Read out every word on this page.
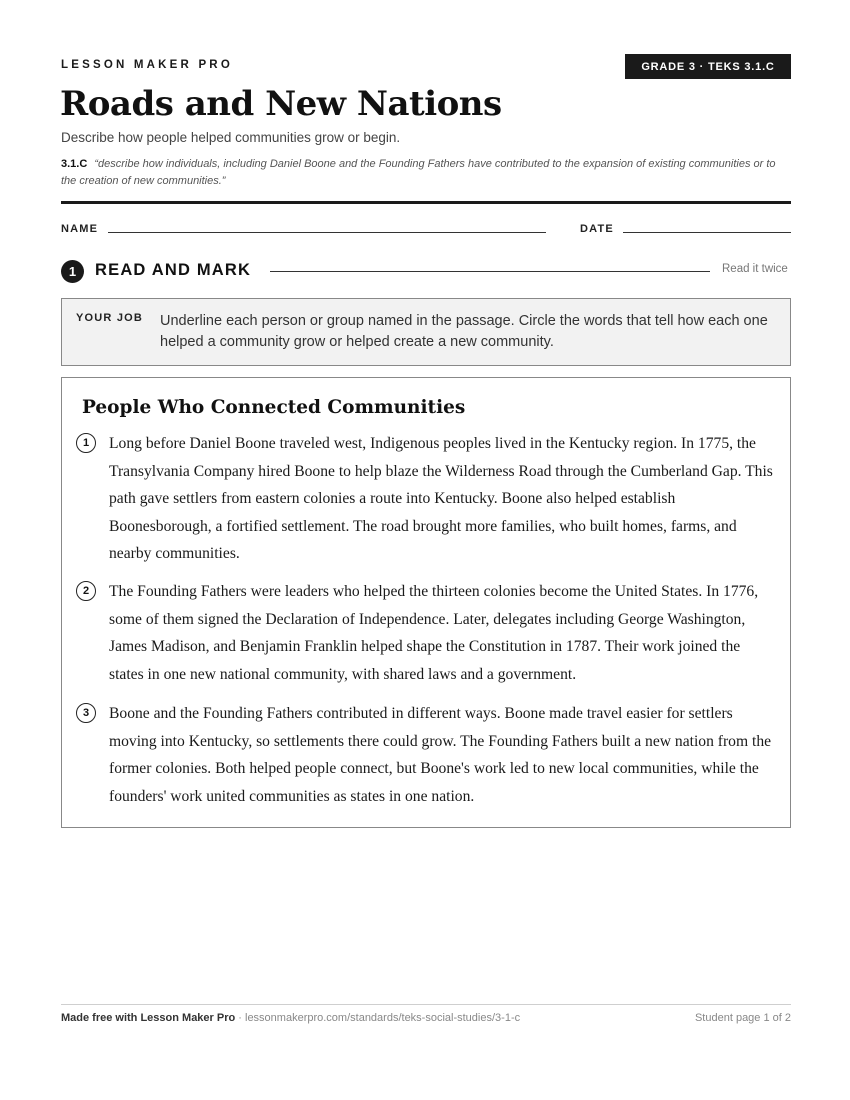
LESSON MAKER PRO	GRADE 3 · TEKS 3.1.C
Roads and New Nations
Describe how people helped communities grow or begin.
3.1.C “describe how individuals, including Daniel Boone and the Founding Fathers have contributed to the expansion of existing communities or to the creation of new communities.”
NAME	DATE
1	READ AND MARK	Read it twice
YOUR JOB Underline each person or group named in the passage. Circle the words that tell how each one helped a community grow or helped create a new community.
People Who Connected Communities
1	Long before Daniel Boone traveled west, Indigenous peoples lived in the Kentucky region. In 1775, the Transylvania Company hired Boone to help blaze the Wilderness Road through the Cumberland Gap. This path gave settlers from eastern colonies a route into Kentucky. Boone also helped establish Boonesborough, a fortified settlement. The road brought more families, who built homes, farms, and nearby communities.

2	The Founding Fathers were leaders who helped the thirteen colonies become the United States. In 1776, some of them signed the Declaration of Independence. Later, delegates including George Washington, James Madison, and Benjamin Franklin helped shape the Constitution in 1787. Their work joined the states in one new national community, with shared laws and a government.

3	Boone and the Founding Fathers contributed in different ways. Boone made travel easier for settlers moving into Kentucky, so settlements there could grow. The Founding Fathers built a new nation from the former colonies. Both helped people connect, but Boone's work led to new local communities, while the founders' work united communities as states in one nation.

Made free with Lesson Maker Pro · lessonmakerpro.com/standards/teks-social-studies/3-1-c	Student page 1 of 2
